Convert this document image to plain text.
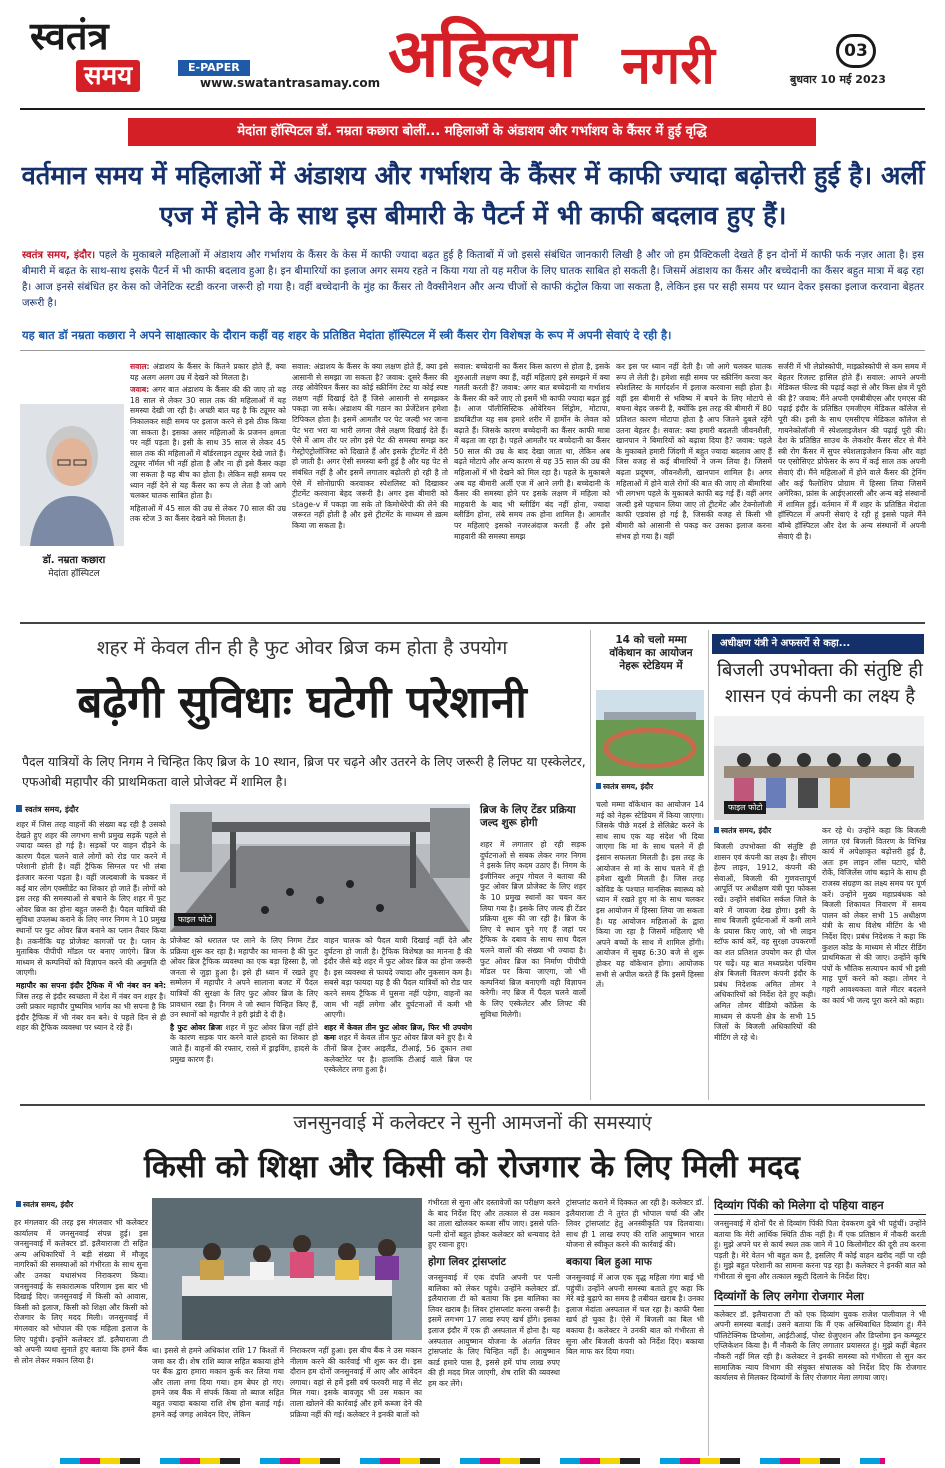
स्वतंत्र
समय	E-PAPER
www.swatantrasamay.com अहिल्या नगरी	03
बुधवार 10 मई 2023
मेदांता हॉस्पिटल डॉ. नम्रता कछारा बोलीं... महिलाओं के अंडाशय और गर्भाशय के कैंसर में हुई वृद्धि
वर्तमान समय में महिलाओं में अंडाशय और गर्भाशय के कैंसर में काफी ज्यादा बढ़ोत्तरी हुई है। अर्ली एज में होने के साथ इस बीमारी के पैटर्न में भी काफी बदलाव हुए हैं।
स्वतंत्र समय, इंदौर। पहले के मुकाबले महिलाओं में अंडाशय और गर्भाशय के कैंसर के केस में काफी ज्यादा बढ़त हुई है किताबों में जो इससे संबंधित जानकारी लिखी है और जो हम प्रैक्टिकली देखते हैं इन दोनों में काफी फर्क नज़र आता है। इस बीमारी में बढ़त के साथ-साथ इसके पैटर्न में भी काफी बदलाव हुआ है। इन बीमारियों का इलाज अगर समय रहते न किया गया तो यह मरीज के लिए घातक साबित हो सकती है। जिसमें अंडाशय का कैंसर और बच्चेदानी का कैंसर बहुत मात्रा में बढ़ रहा है। आज इनसे संबंधित हर केस को जेनेटिक स्टडी करना जरूरी हो गया है। वहीं बच्चेदानी के मुंह का कैंसर तो वैक्सीनेशन और अन्य चीजों से काफी कंट्रोल किया जा सकता है, लेकिन इस पर सही समय पर ध्यान देकर इसका इलाज करवाना बेहतर जरूरी है।
यह बात डॉ नम्रता कछारा ने अपने साक्षात्कार के दौरान कहीं वह शहर के प्रतिष्ठित मेदांता हॉस्पिटल में स्त्री कैंसर रोग विशेषज्ञ के रूप में अपनी सेवाएं दे रही है।
डॉ. नम्रता कछारा
मेदांता हॉस्पिटल

सवाल: अंडाशय के कैंसर के कितने प्रकार होते हैं, क्या यह अलग अलग उम्र में देखने को मिलता है।

जवाब: अगर बात अंडाशय के कैंसर की की जाए तो यह 18 साल से लेकर 30 साल तक की महिलाओं में यह समस्या देखी जा रही है। अच्छी बात यह है कि ट्यूमर को निकालकर सही समय पर इलाज करने से इसे ठीक किया जा सकता है। इसका असर महिलाओं के प्रजनन क्षमता पर नहीं पड़ता है। इसी के साथ 35 साल से लेकर 45 साल तक की महिलाओं में बॉर्डरलाइन ट्यूमर देखे जाते हैं। ट्यूमर नॉर्मल भी नहीं होता है और ना ही इसे कैंसर कहा जा सकता है यह बीच का होता है। लेकिन सही समय पर ध्यान नहीं देने से यह कैंसर का रूप ले लेता है जो आगे चलकर घातक साबित होता है।

महिलाओं में 45 साल की उम्र से लेकर 70 साल की उम्र तक स्टेज 3 का कैंसर देखने को मिलता है।

सवाल: अंडाशय के कैंसर के क्या लक्षण होते हैं, क्या इसे आसानी से समझा जा सकता है? जवाब: दूसरे कैंसर की तरह ओवेरियन कैंसर का कोई स्क्रीनिंग टेस्ट या कोई स्पष्ट लक्षण नहीं दिखाई देते हैं जिसे आसानी से समझकर पकड़ा जा सके। अंडाशय की गठान का प्रेजेंटेशन हमेशा टिपिकल होता है। इसमें आमतौर पर पेट जल्दी भर जाना पेट भरा भरा या भारी लगना जैसे लक्षण दिखाई देते हैं। ऐसे में आम तौर पर लोग इसे पेट की समस्या समझ कर गेस्ट्रोएंट्रोलॉजिस्ट को दिखाते हैं और इसके ट्रीटमेंट में देरी हो जाती है। अगर ऐसी समस्या बनी हुई है और यह पेट से संबंधित नहीं है और इसमें लगातार बढ़ोतरी हो रही है तो ऐसे में सोनोग्राफी करवाकर स्पेशलिस्ट को दिखाकर ट्रीटमेंट करवाना बेहद जरूरी है। अगर इस बीमारी को stage-v में पकड़ा जा सके तो किमोथेरेपी की लेने की जरूरत नहीं होती है और इसे ट्रीटमेंट के माध्यम से ख़त्म किया जा सकता है।
सवाल: बच्चेदानी का कैंसर किस कारण से होता है, इसके शुरुआती लक्षण क्या हैं, वहीं महिलाएं इसे समझने में क्या गलती करती हैं? जवाब: अगर बात बच्चेदानी या गर्भाशय के कैंसर की करें जाए तो इसमें भी काफी ज्यादा बढ़त हुई है। आज पॉलीसिस्टिक ओवेरियन सिंड्रोम, मोटापा, डायबिटीज यह सब हमारे शरीर में हार्मोन के लेवल को बढ़ाते हैं। जिसके कारण बच्चेदानी का कैंसर काफी मात्रा में बढ़ता जा रहा है। पहले आमतौर पर बच्चेदानी का कैंसर 50 साल की उम्र के बाद देखा जाता था, लेकिन अब बढ़ते मोटापे और अन्य कारण से यह 35 साल की उम्र की महिलाओं में भी देखने को मिल रहा है। पहले के मुकाबले अब यह बीमारी अर्ली एज में आने लगी है। बच्चेदानी के कैंसर की समस्या होने पर इसके लक्षण में महिला को माहवारी के बाद भी ब्लीडिंग बंद नहीं होना, ज्यादा ब्लीडिंग होना, लंबे समय तक होना शामिल है। आमतौर पर महिलाएं इसको नजरअंदाज करती हैं और इसे माहवारी की समस्या समझ
कर इस पर ध्यान नहीं देती है। जो आगे चलकर घातक रूप ले लेती है। हमेशा सही समय पर स्क्रीनिंग करवा कर स्पेशलिस्ट के मार्गदर्शन में इलाज करवाना सही होता है। वहीं इस बीमारी से भविष्य में बचने के लिए मोटापे से बचना बेहद जरूरी है, क्योंकि इस तरह की बीमारी में 80 प्रतिशत कारण मोटापा होता है आप जितने दुबले रहेंगे उतना बेहतर है। सवाल: क्या हमारी बदलती जीवनशैली, खानपान ने बिमारियों को बढ़ावा दिया है? जवाब: पहले के मुकाबले हमारी जिंदगी में बहुत ज्यादा बदलाव आए हैं जिस वजह से कई बीमारियों ने जन्म लिया है। जिसमें बढ़ता प्रदूषण, जीवनशैली, खानपान शामिल है। अगर महिलाओं में होने वाले रोगों की बात की जाए तो बीमारियां भी लगभग पहले के मुकाबले काफी बढ़ गई हैं। वहीं अगर जल्दी इसे पहचान लिया जाए तो ट्रीटमेंट और टेक्नोलॉजी काफी एडवांस हो गई है, जिसकी वजह से किसी भी बीमारी को आसानी से पकड़ कर उसका इलाज करना संभव हो गया है। वहीं
सर्जरी में भी लेप्रोस्कोपी, माइक्रोस्कोपी से कम समय में बेहतर रिजल्ट हासिल होते हैं। सवाल: आपने अपनी मेडिकल फील्ड की पढ़ाई कहां से और किस क्षेत्र में पूरी की है? जवाब: मैंने अपनी एमबीबीएस और एमएस की पढ़ाई इंदौर के प्रतिष्ठित एमजीएम मेडिकल कॉलेज से पूरी की। इसी के साथ एमसीएच मेडिकल कॉलेज से गायनेकोलॉजी में स्पेशलाइजेशन की पढ़ाई पूरी की। देश के प्रतिष्ठित साउथ के लेकशोर कैंसर सेंटर से मैंने स्त्री रोग कैंसर में सुपर स्पेशलाइजेशन किया और वहां पर एसोसिएट प्रोफेसर के रूप में कई साल तक अपनी सेवाएं दी। मैंने महिलाओं में होने वाले कैंसर की ट्रेनिंग और कई फैलोशिप प्रोग्राम में हिस्सा लिया जिसमें अमेरिका, फ्रांस के आईएआरसी और अन्य बड़े संस्थानों में शामिल हुई। वर्तमान में मैं शहर के प्रतिष्ठित मेदांता हॉस्पिटल में अपनी सेवाएं दे रही हूं इससे पहले मैंने बॉम्बे हॉस्पिटल और देश के अन्य संस्थानों में अपनी सेवाएं दी है।
शहर में केवल तीन ही है फुट ओवर ब्रिज कम होता है उपयोग
बढ़ेगी सुविधाः घटेगी परेशानी
पैदल यात्रियों के लिए निगम ने चिन्हित किए ब्रिज के 10 स्थान, ब्रिज पर चढ़ने और उतरने के लिए जरूरी है लिफ्ट या एस्केलेटर, एफओबी महापौर की प्राथमिकता वाले प्रोजेक्ट में शामिल है।
स्वतंत्र समय, इंदौर
फाइल फोटो

शहर में जिस तरह वाहनों की संख्या बढ़ रही है उसको देखते हुए शहर की लगभग सभी प्रमुख सड़कें पहले से ज्यादा व्यस्त हो गई है। सड़कों पर वाहन दौड़ने के कारण पैदल चलने वाले लोगों को रोड पार करने में परेशानी होती है। वहीं ट्रैफिक सिग्नल पर भी लंबा इंतजार करना पड़ता है। वहीं जल्दबाजी के चक्कर में कई बार लोग एक्सीडेंट का शिकार हो जाते हैं। लोगों को इस तरह की समस्याओं से बचाने के लिए शहर में फुट ओवर ब्रिज का होना बहुत जरूरी है। पैदल यात्रियों की सुविधा उपलब्ध कराने के लिए नगर निगम ने 10 प्रमुख स्थानों पर फुट ओवर ब्रिज बनाने का प्लान तैयार किया है। तकनीकि यह प्रोजेक्ट कागजों पर है। प्लान के मुताबिक पीपीपी मॉडल पर बनाए जाएंगे। ब्रिज के माध्यम से कम्पनियों को विज्ञापन करने की अनुमति दी जाएगी।

महापौर का सपना इंदौर ट्रैफिक में भी नंबर वन बने: जिस तरह से इंदौर स्वच्छता में देश में नंबर वन शहर है। उसी प्रकार महापौर पुष्यमित्र भार्गव का भी सपना है कि इंदौर ट्रैफिक में भी नंबर वन बने। ये पहले दिन से ही शहर की ट्रैफिक व्यवस्था पर ध्यान दे रहे हैं।

प्रोजेक्ट को धरातल पर लाने के लिए निगम टेंडर प्रक्रिया शुरू कर रहा है। महापौर का मानना है की फुट ओवर ब्रिज ट्रैफिक व्यवस्था का एक बड़ा हिस्सा है, जो जनता से जुड़ा हुआ है। इसे ही ध्यान में रखते हुए सम्मेलन में महापौर ने अपने सालाना बजट में पैदल यात्रियों की सुरक्षा के लिए फुट ओवर ब्रिज के लिए प्रावधान रखा है। निगम ने जो स्थान चिन्हित किए हैं, उन स्थानों को महापौर ने हरी झंडी दे दी है।

है फुट ओवर ब्रिजः शहर में फुट ओवर ब्रिज नहीं होने के कारण सड़क पार करने वाले हादसे का शिकार हो जाते हैं। वाहनों की रफ्तार, रास्ते में ड्राइविंग, हादसे के प्रमुख कारण हैं।

वाहन चालक को पैदल यात्री दिखाई नहीं देते और दुर्घटना हो जाती है। ट्रैफिक विशेषज्ञ का मानना है की इंदौर जैसे बड़े शहर में फुट ओवर ब्रिज का होना जरूरी है। इस व्यवस्था से फायदे ज्यादा और नुकसान कम है। सबसे बड़ा फायदा यह है की पैदल यात्रियों को रोड पार करने समय ट्रैफिक में घुसना नहीं पड़ेगा, वाहनों का जाम भी नहीं लगेगा और दुर्घटनाओं में कमी भी आएगी।

शहर में केवल तीन फुट ओवर ब्रिज, फिर भी उपयोग कमः शहर में केवल तीन फुट ओवर ब्रिज बने हुए है। ये तीनों ब्रिज ट्रेजर आइलैंड, टीआई, 56 दुकान तथा कलेक्टोरेट पर है। हालांकि टीआई वाले ब्रिज पर एस्केलेटर लगा हुआ है।

ब्रिज के लिए टेंडर प्रक्रिया जल्द शुरू होगी
शहर में लगातार हो रही सड़क दुर्घटनाओं से सबक लेकर नगर निगम ने इसके लिए कदम उठाए हैं। निगम के इंजीनियर अनूप गोयल ने बताया की फुट ओवर ब्रिज प्रोजेक्ट के लिए शहर के 10 प्रमुख स्थानों का चयन कर लिया गया है। इसके लिए जल्द ही टेंडर प्रक्रिया शुरू की जा रही है। ब्रिज के लिए ये स्थान चुने गए हैं जहां पर ट्रैफिक के दबाव के साथ साथ पैदल चलने वालों की संख्या भी ज्यादा है। फुट ओवर ब्रिज का निर्माण पीपीपी मॉडल पर किया जाएगा, जो भी कम्पनियां ब्रिज बनाएगी वही विज्ञापन करेगी। नए ब्रिज में पैदल चलने वालों के लिए एस्केलेटर और लिफ्ट की सुविधा मिलेगी।
14 को चलो मम्मा वॉकेथान का आयोजन नेहरू स्टेडियम में
स्वतंत्र समय, इंदौर
चलो मम्मा वॉकेथान का आयोजन 14 मई को नेहरू स्टेडियम में किया जाएगा। जिसके पीछे मदर्स डे सेलिब्रेट करने के साथ साथ एक यह संदेश भी दिया जाएगा कि मां के साथ चलने में ही इंसान सफलता मिलती है। इस तरह के आयोजन से मां के साथ चलने में ही हमेशा खुशी मिलती है। जिस तरह कोविड के पश्चात मानसिक स्वास्थ्य को ध्यान में रखते हुए मां के साथ चलकर इस आयोजन में हिस्सा लिया जा सकता है। यह आयोजन महिलाओं के द्वारा किया जा रहा है जिसमें महिलाएं भी अपने बच्चों के साथ में शामिल होंगी। आयोजन में सुबह 6:30 बजे से शुरू होकर यह वॉकेथान होगा। आयोजक सभी से अपील करते हैं कि इसमें हिस्सा लें।
अधीक्षण यंत्री ने अफसरों से कहा...
बिजली उपभोक्ता की संतुष्टि ही शासन एवं कंपनी का लक्ष्य है
फाइल फोटो
स्वतंत्र समय, इंदौर
बिजली उपभोक्ता की संतुष्टि ही शासन एवं कंपनी का लक्ष्य है। सीएम हेल्प लाइन, 1912, कंपनी की सेवाओं, बिजली की गुणवत्तापूर्ण आपूर्ति पर अधीक्षण यंत्री पूरा फोकस रखें। उन्होंने संबंधित सर्कल जिले के बारे में जायजा देख होगा। इसी के साथ बिजली दुर्घटनाओं में कमी लाने के प्रयास किए जाएं, जो भी लाइन स्टॉफ कार्य करें, वह सुरक्षा उपकरणों का शत प्रतिशत उपयोग कर ही पोल पर चढ़ें। यह बात मध्यप्रदेश पश्चिम क्षेत्र बिजली वितरण कंपनी इंदौर के प्रबंध निदेशक अमित तोमर ने अधिकारियों को निर्देश देते हुए कही। अमित तोमर वीडियो कॉफ्रेंस के माध्यम से कंपनी क्षेत्र के सभी 15 जिलों के बिजली अधिकारियों की मीटिंग ले रहे थे।
कर रहे थे। उन्होंने कहा कि बिजली लागत एवं बिजली वितरण के विभिन्न कार्य में अपेक्षाकृत बढ़ोत्तरी हुई है, अतः हम लाइन लॉस घटाएं, चोरी रोकें, विजिलेंस जांच बढ़ाने के साथ ही राजस्व संग्रहण का लक्ष्य समय पर पूर्ण करें। उन्होंने मुख्य महाप्रबंधक को बिजली शिकायत निवारण में समय पालन को लेकर सभी 15 अधीक्षण यंत्री के साथ विशेष मीटिंग के भी निर्देश दिए। प्रबंध निदेशक ने कहा कि कुशल कोड के माध्यम से मीटर रीडिंग प्राथमिकता से की जाए। उन्होंने कृषि पंपों के भौतिक सत्यापन कार्य भी इसी माह पूर्ण करने को कहा। तोमर ने गहरी आवश्यकता वाले मीटर बदलने का कार्य भी जल्द पूरा करने को कहा।
जनसुनवाई में कलेक्टर ने सुनी आमजनों की समस्याएं
किसी को शिक्षा और किसी को रोजगार के लिए मिली मदद
स्वतंत्र समय, इंदौर
हर मंगलवार की तरह इस मंगलवार भी कलेक्टर कार्यालय में जनसुनवाई संपन्न हुई। इस जनसुनवाई में कलेक्टर डॉ. इलैयाराजा टी सहित अन्य अधिकारियों ने बड़ी संख्या में मौजूद नागरिकों की समस्याओं को गंभीरता के साथ सुना और उनका यथासंभव निराकरण किया। जनसुनवाई के सकारात्मक परिणाम इस बार भी दिखाई दिए। जनसुनवाई में किसी को आवास, किसी को इलाज, किसी को शिक्षा और किसी को रोजगार के लिए मदद मिली। जनसुनवाई में मंगलवार को भोपाल की एक महिला इलाज के लिए पहुंची। इन्होंने कलेक्टर डॉ. इलैयाराजा टी को अपनी व्यथा सुनाते हुए बताया कि हमने बैंक से लोन लेकर मकान लिया है।
था। इससे से हमने अधिकांश राशि 17 किश्तों में जमा कर दी। शेष राशि ब्याज सहित बकाया होने पर बैंक द्वारा हमारा मकान कुर्क कर लिया गया और ताला लगा दिया गया। हम बेघर हो गए। हमने जब बैंक में संपर्क किया तो ब्याज सहित बहुत ज्यादा बकाया राशि शेष होना बताई गई। हमने कई जगह आवेदन दिए, लेकिन
निराकरण नहीं हुआ। इस बीच बैंक ने उस मकान नीलाम करने की कार्रवाई भी शुरू कर दी। इस दौरान हम दोनों जनसुनवाई में आए और आवेदन लगाया। वहां से हमें इसी वर्ष फरवरी माह में सेट मिल गया। इसके बावजूद भी उस मकान का ताला खोलने की कार्रवाई और हमें कब्जा देने की प्रक्रिया नहीं की गई। कलेक्टर ने इनकी बातों को

गंभीरता से सुना और दस्तावेजों का परीक्षण करने के बाद निर्देश दिए और तत्काल से उस मकान का ताला खोलकर कब्जा सौंप जाए। इससे पति-पत्नी दोनों बहुत होकर कलेक्टर को धन्यवाद देते हुए रवाना हुए।

होगा लिवर ट्रांसप्लांट

जनसुनवाई में एक दंपति अपनी पर पत्नी बालिका को लेकर पहुंचे। उन्होंने कलेक्टर डॉ. इलैयाराजा टी को बताया कि इस बालिका का लिवर खराब है। लिवर ट्रांसप्लांट करना जरूरी है। इसमें लगभग 17 लाख रुपए खर्च होंगे। इसका इलाज इंदौर में एक ही अस्पताल में होना है। यह अस्पताल आयुष्मान योजना के अंतर्गत लिवर ट्रांसप्लांट के लिए चिन्हित नहीं है। आयुष्मान कार्ड हमारे पास है, इससे हमें पांच लाख रुपए की ही मदद मिल जाएगी, शेष राशि की व्यवस्था हम कर लेंगे।

ट्रांसप्लांट कराने में दिक्कत आ रही है। कलेक्टर डॉ. इलैयाराजा टी ने तुरंत ही भोपाल चर्चा की और लिवर ट्रांसप्लांट हेतु अनस्वीकृति पत्र दिलवाया। साथ ही 1 लाख रुपए की राशि आयुष्मान भारत योजना से स्वीकृत करने की कार्रवाई की।

बकाया बिल हुआ माफ

जनसुनवाई में आज एक वृद्ध महिला गंगा बाई भी पहुंचीं। उन्होंने अपनी समस्या बताते हुए कहा कि मेरे बड़े बुढ़ापे का समय है तबीयत खराब है। उनका इलाज मेदांता अस्पताल में चल रहा है। काफी पैसा खर्च हो चुका है। ऐसे में बिजली का बिल भी बकाया है। कलेक्टर ने उनकी बात को गंभीरता से सुना और बिजली कंपनी को निर्देश दिए। बकाया बिल माफ कर दिया गया।

दिव्यांग पिंकी को मिलेगा दो पहिया वाहन

जनसुनवाई में दोनों पैर से दिव्यांग पिंकी पिता देवकरण दुबे भी पहुंचीं। उन्होंने बताया कि मेरी आर्थिक स्थिति ठीक नहीं है। मैं एक प्रतिष्ठान में नौकरी करती हूं। मुझे अपने घर से कार्य स्थल तक जाने में 10 किलोमीटर की दूरी तय करना पड़ती है। मेरे वेतन भी बहुत कम है, इसलिए मैं कोई वाहन खरीद नहीं पा रही हूं। मुझे बहुत परेशानी का सामना करना पड़ रहा है। कलेक्टर ने इनकी बात को गंभीरता से सुना और तत्काल स्कूटी दिलाने के निर्देश दिए।

दिव्यांगों के लिए लगेगा रोजगार मेला

कलेक्टर डॉ. इलैयाराजा टी को एक दिव्यांग युवक राजेश पालीवाल ने भी अपनी समस्या बताई। उसने बताया कि मैं एक अस्थिबाधित दिव्यांग हूं। मैंने पॉलिटेक्निक डिप्लोमा, आईटीआई, पोस्ट ग्रेजुएशन और डिप्लोमा इन कम्प्यूटर एप्लिकेशन किया है। मैं नौकरी के लिए लगातार प्रयासरत हूं। मुझे कहीं बेहतर नौकरी नहीं मिल रही है। कलेक्टर ने इनकी समस्या को गंभीरता से सुन कर सामाजिक न्याय विभाग की संयुक्त संचालक को निर्देश दिए कि रोजगार कार्यालय से मिलकर दिव्यांगों के लिए रोजगार मेला लगाया जाए।
